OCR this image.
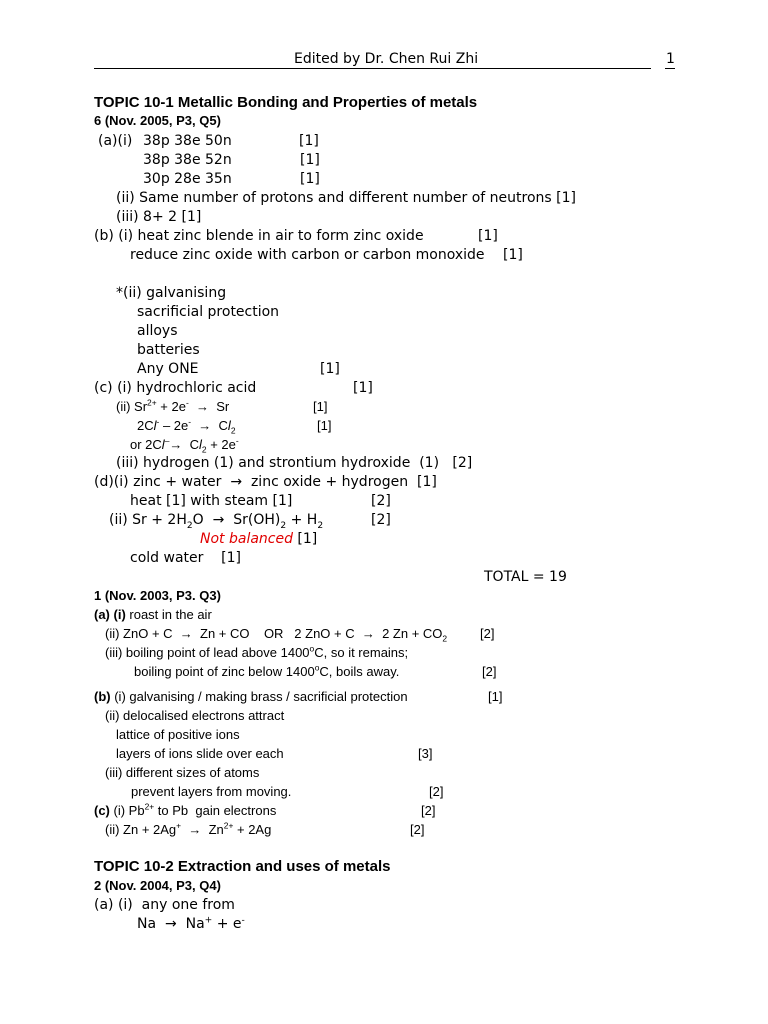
Edited by Dr. Chen Rui Zhi	1
TOPIC 10-1 Metallic Bonding and Properties of metals
6 (Nov. 2005, P3, Q5)
(a)(i) 38p 38e 50n	[1]
38p 38e 52n	[1]
30p 28e 35n	[1]
(ii) Same number of protons and different number of neutrons [1]
(iii) 8+ 2 [1]
(b) (i) heat zinc blende in air to form zinc oxide	[1]
reduce zinc oxide with carbon or carbon monoxide [1]
*(ii) galvanising
sacrificial protection
alloys
batteries
Any ONE	[1]
(c) (i) hydrochloric acid	[1]
(ii) $Sr^{2+} + 2e^- \to Sr$	[1]
$2Cl^- - 2e^- \to Cl_2$	[1]
or $2Cl^-\to Cl_2 + 2e^-$
(iii) hydrogen (1) and strontium hydroxide  (1)   [2]
(d)(i) zinc + water → zinc oxide + hydrogen  [1]
heat [1] with steam [1]	[2]
(ii) $Sr + 2H_2O \to Sr(OH)_2 + H_2$	[2]
Not balanced [1]
cold water    [1]
TOTAL = 19
1 (Nov. 2003, P3. Q3)
(a) (i) roast in the air
(ii) ZnO + C → Zn + CO    OR   2 ZnO + C → 2 $Zn + CO_2$	[2]
(iii) boiling point of lead above 1400$^o$C, so it remains;
boiling point of zinc below 1400$^o$C, boils away.	[2]
(b) (i) galvanising / making brass / sacrificial protection	[1]
(ii) delocalised electrons attract
lattice of positive ions
layers of ions slide over each	[3]
(iii) different sizes of atoms
prevent layers from moving.	[2]
(c) (i) $Pb^{2+}$ to Pb  gain electrons	[2]
(ii) $Zn + 2Ag^+ \to Zn^{2+} + 2Ag$	[2]
TOPIC 10-2 Extraction and uses of metals
2 (Nov. 2004, P3, Q4)
(a) (i)  any one from
Na → Na+ + e-
